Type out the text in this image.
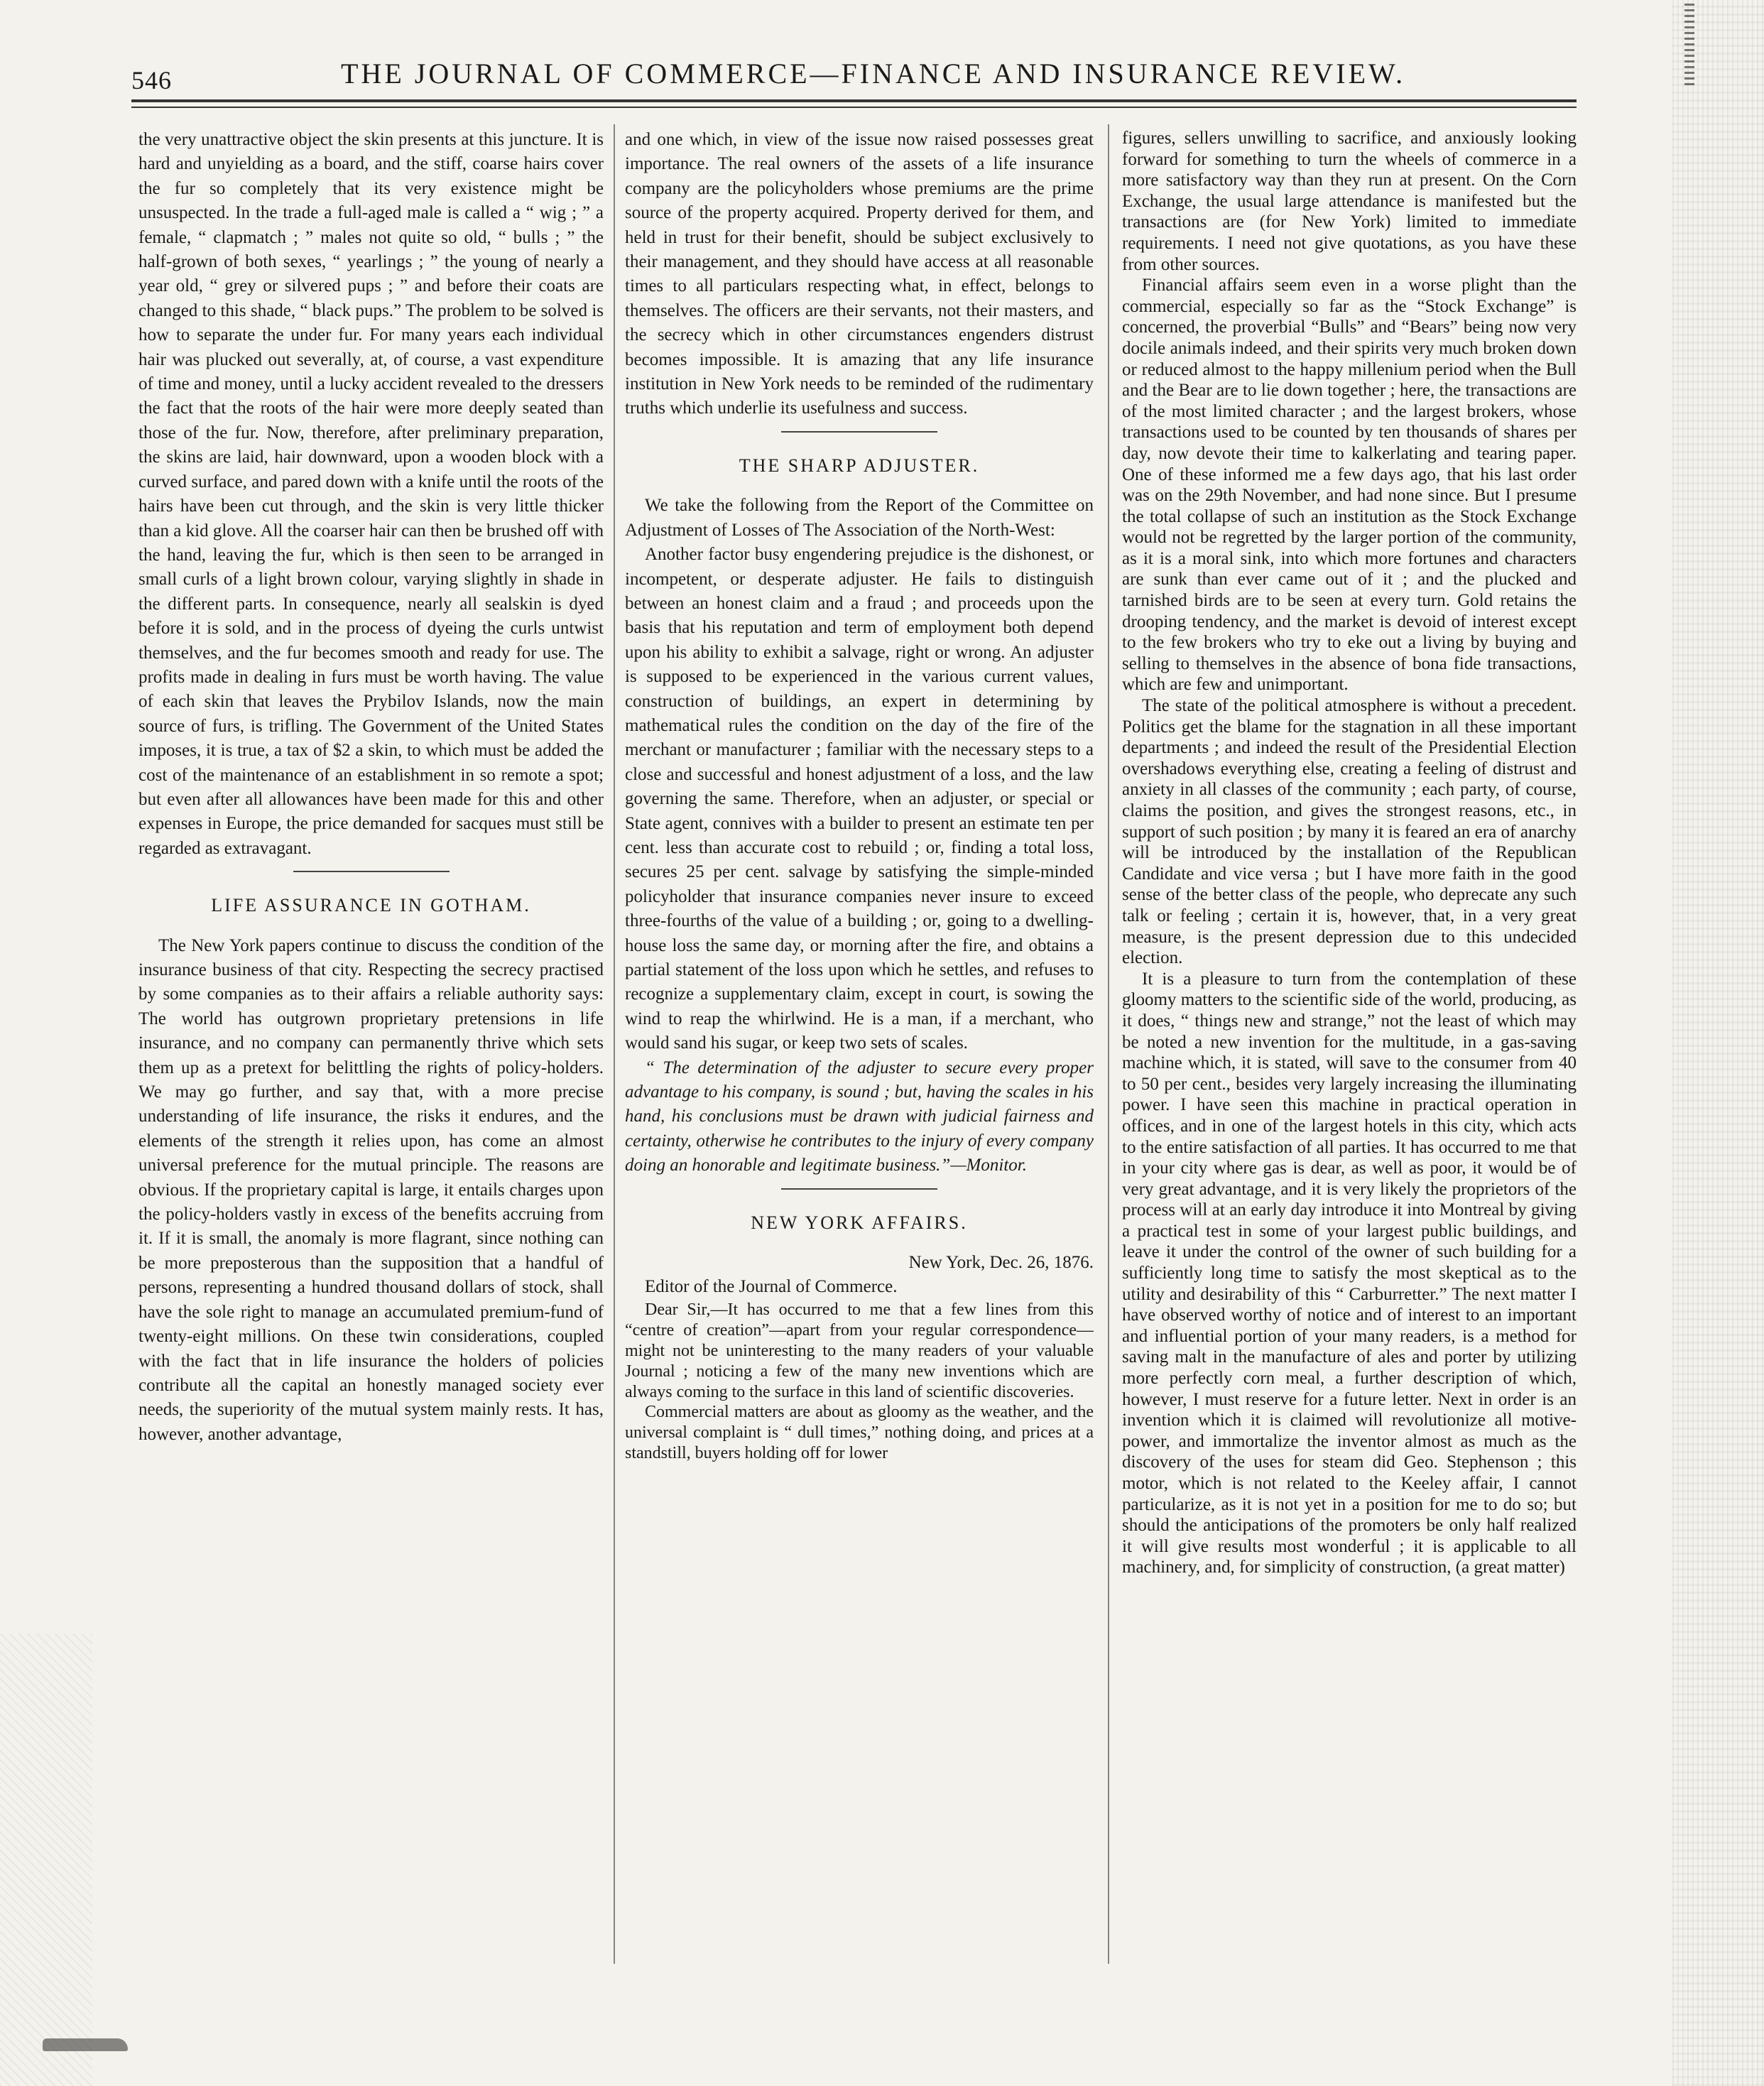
546	THE JOURNAL OF COMMERCE—FINANCE AND INSURANCE REVIEW.

the very unattractive object the skin presents at this juncture. It is hard and unyielding as a board, and the stiff, coarse hairs cover the fur so completely that its very existence might be unsuspected. In the trade a full-aged male is called a “ wig ; ” a female, “ clapmatch ; ” males not quite so old, “ bulls ; ” the half-grown of both sexes, “ yearlings ; ” the young of nearly a year old, “ grey or silvered pups ; ” and before their coats are changed to this shade, “ black pups.” The problem to be solved is how to separate the under fur. For many years each individual hair was plucked out severally, at, of course, a vast expenditure of time and money, until a lucky accident revealed to the dressers the fact that the roots of the hair were more deeply seated than those of the fur. Now, therefore, after preliminary preparation, the skins are laid, hair downward, upon a wooden block with a curved surface, and pared down with a knife until the roots of the hairs have been cut through, and the skin is very little thicker than a kid glove. All the coarser hair can then be brushed off with the hand, leaving the fur, which is then seen to be arranged in small curls of a light brown colour, varying slightly in shade in the different parts. In consequence, nearly all sealskin is dyed before it is sold, and in the process of dyeing the curls untwist themselves, and the fur becomes smooth and ready for use. The profits made in dealing in furs must be worth having. The value of each skin that leaves the Prybilov Islands, now the main source of furs, is trifling. The Government of the United States imposes, it is true, a tax of $2 a skin, to which must be added the cost of the maintenance of an establishment in so remote a spot; but even after all allowances have been made for this and other expenses in Europe, the price demanded for sacques must still be regarded as extravagant.

LIFE ASSURANCE IN GOTHAM.

The New York papers continue to discuss the condition of the insurance business of that city. Respecting the secrecy practised by some companies as to their affairs a reliable authority says: The world has outgrown proprietary pretensions in life insurance, and no company can permanently thrive which sets them up as a pretext for belittling the rights of policy-holders. We may go further, and say that, with a more precise understanding of life insurance, the risks it endures, and the elements of the strength it relies upon, has come an almost universal preference for the mutual principle. The reasons are obvious. If the proprietary capital is large, it entails charges upon the policy-holders vastly in excess of the benefits accruing from it. If it is small, the anomaly is more flagrant, since nothing can be more preposterous than the supposition that a handful of persons, representing a hundred thousand dollars of stock, shall have the sole right to manage an accumulated premium-fund of twenty-eight millions. On these twin considerations, coupled with the fact that in life insurance the holders of policies contribute all the capital an honestly managed society ever needs, the superiority of the mutual system mainly rests. It has, however, another advantage,

and one which, in view of the issue now raised possesses great importance. The real owners of the assets of a life insurance company are the policyholders whose premiums are the prime source of the property acquired. Property derived for them, and held in trust for their benefit, should be subject exclusively to their management, and they should have access at all reasonable times to all particulars respecting what, in effect, belongs to themselves. The officers are their servants, not their masters, and the secrecy which in other circumstances engenders distrust becomes impossible. It is amazing that any life insurance institution in New York needs to be reminded of the rudimentary truths which underlie its usefulness and success.

THE SHARP ADJUSTER.

We take the following from the Report of the Committee on Adjustment of Losses of The Association of the North-West:

Another factor busy engendering prejudice is the dishonest, or incompetent, or desperate adjuster. He fails to distinguish between an honest claim and a fraud ; and proceeds upon the basis that his reputation and term of employment both depend upon his ability to exhibit a salvage, right or wrong. An adjuster is supposed to be experienced in the various current values, construction of buildings, an expert in determining by mathematical rules the condition on the day of the fire of the merchant or manufacturer ; familiar with the necessary steps to a close and successful and honest adjustment of a loss, and the law governing the same. Therefore, when an adjuster, or special or State agent, connives with a builder to present an estimate ten per cent. less than accurate cost to rebuild ; or, finding a total loss, secures 25 per cent. salvage by satisfying the simple-minded policyholder that insurance companies never insure to exceed three-fourths of the value of a building ; or, going to a dwelling-house loss the same day, or morning after the fire, and obtains a partial statement of the loss upon which he settles, and refuses to recognize a supplementary claim, except in court, is sowing the wind to reap the whirlwind. He is a man, if a merchant, who would sand his sugar, or keep two sets of scales.

“ The determination of the adjuster to secure every proper advantage to his company, is sound ; but, having the scales in his hand, his conclusions must be drawn with judicial fairness and certainty, otherwise he contributes to the injury of every company doing an honorable and legitimate business.”—Monitor.

NEW YORK AFFAIRS.

New York, Dec. 26, 1876.

Editor of the Journal of Commerce.

Dear Sir,—It has occurred to me that a few lines from this “centre of creation”—apart from your regular correspondence—might not be uninteresting to the many readers of your valuable Journal ; noticing a few of the many new inventions which are always coming to the surface in this land of scientific discoveries.

Commercial matters are about as gloomy as the weather, and the universal complaint is “ dull times,” nothing doing, and prices at a standstill, buyers holding off for lower

figures, sellers unwilling to sacrifice, and anxiously looking forward for something to turn the wheels of commerce in a more satisfactory way than they run at present. On the Corn Exchange, the usual large attendance is manifested but the transactions are (for New York) limited to immediate requirements. I need not give quotations, as you have these from other sources.

Financial affairs seem even in a worse plight than the commercial, especially so far as the “Stock Exchange” is concerned, the proverbial “Bulls” and “Bears” being now very docile animals indeed, and their spirits very much broken down or reduced almost to the happy millenium period when the Bull and the Bear are to lie down together ; here, the transactions are of the most limited character ; and the largest brokers, whose transactions used to be counted by ten thousands of shares per day, now devote their time to kalkerlating and tearing paper. One of these informed me a few days ago, that his last order was on the 29th November, and had none since. But I presume the total collapse of such an institution as the Stock Exchange would not be regretted by the larger portion of the community, as it is a moral sink, into which more fortunes and characters are sunk than ever came out of it ; and the plucked and tarnished birds are to be seen at every turn. Gold retains the drooping tendency, and the market is devoid of interest except to the few brokers who try to eke out a living by buying and selling to themselves in the absence of bona fide transactions, which are few and unimportant.

The state of the political atmosphere is without a precedent. Politics get the blame for the stagnation in all these important departments ; and indeed the result of the Presidential Election overshadows everything else, creating a feeling of distrust and anxiety in all classes of the community ; each party, of course, claims the position, and gives the strongest reasons, etc., in support of such position ; by many it is feared an era of anarchy will be introduced by the installation of the Republican Candidate and vice versa ; but I have more faith in the good sense of the better class of the people, who deprecate any such talk or feeling ; certain it is, however, that, in a very great measure, is the present depression due to this undecided election.

It is a pleasure to turn from the contemplation of these gloomy matters to the scientific side of the world, producing, as it does, “ things new and strange,” not the least of which may be noted a new invention for the multitude, in a gas-saving machine which, it is stated, will save to the consumer from 40 to 50 per cent., besides very largely increasing the illuminating power. I have seen this machine in practical operation in offices, and in one of the largest hotels in this city, which acts to the entire satisfaction of all parties. It has occurred to me that in your city where gas is dear, as well as poor, it would be of very great advantage, and it is very likely the proprietors of the process will at an early day introduce it into Montreal by giving a practical test in some of your largest public buildings, and leave it under the control of the owner of such building for a sufficiently long time to satisfy the most skeptical as to the utility and desirability of this “ Carburretter.” The next matter I have observed worthy of notice and of interest to an important and influential portion of your many readers, is a method for saving malt in the manufacture of ales and porter by utilizing more perfectly corn meal, a further description of which, however, I must reserve for a future letter. Next in order is an invention which it is claimed will revolutionize all motive-power, and immortalize the inventor almost as much as the discovery of the uses for steam did Geo. Stephenson ; this motor, which is not related to the Keeley affair, I cannot particularize, as it is not yet in a position for me to do so; but should the anticipations of the promoters be only half realized it will give results most wonderful ; it is applicable to all machinery, and, for simplicity of construction, (a great matter)
